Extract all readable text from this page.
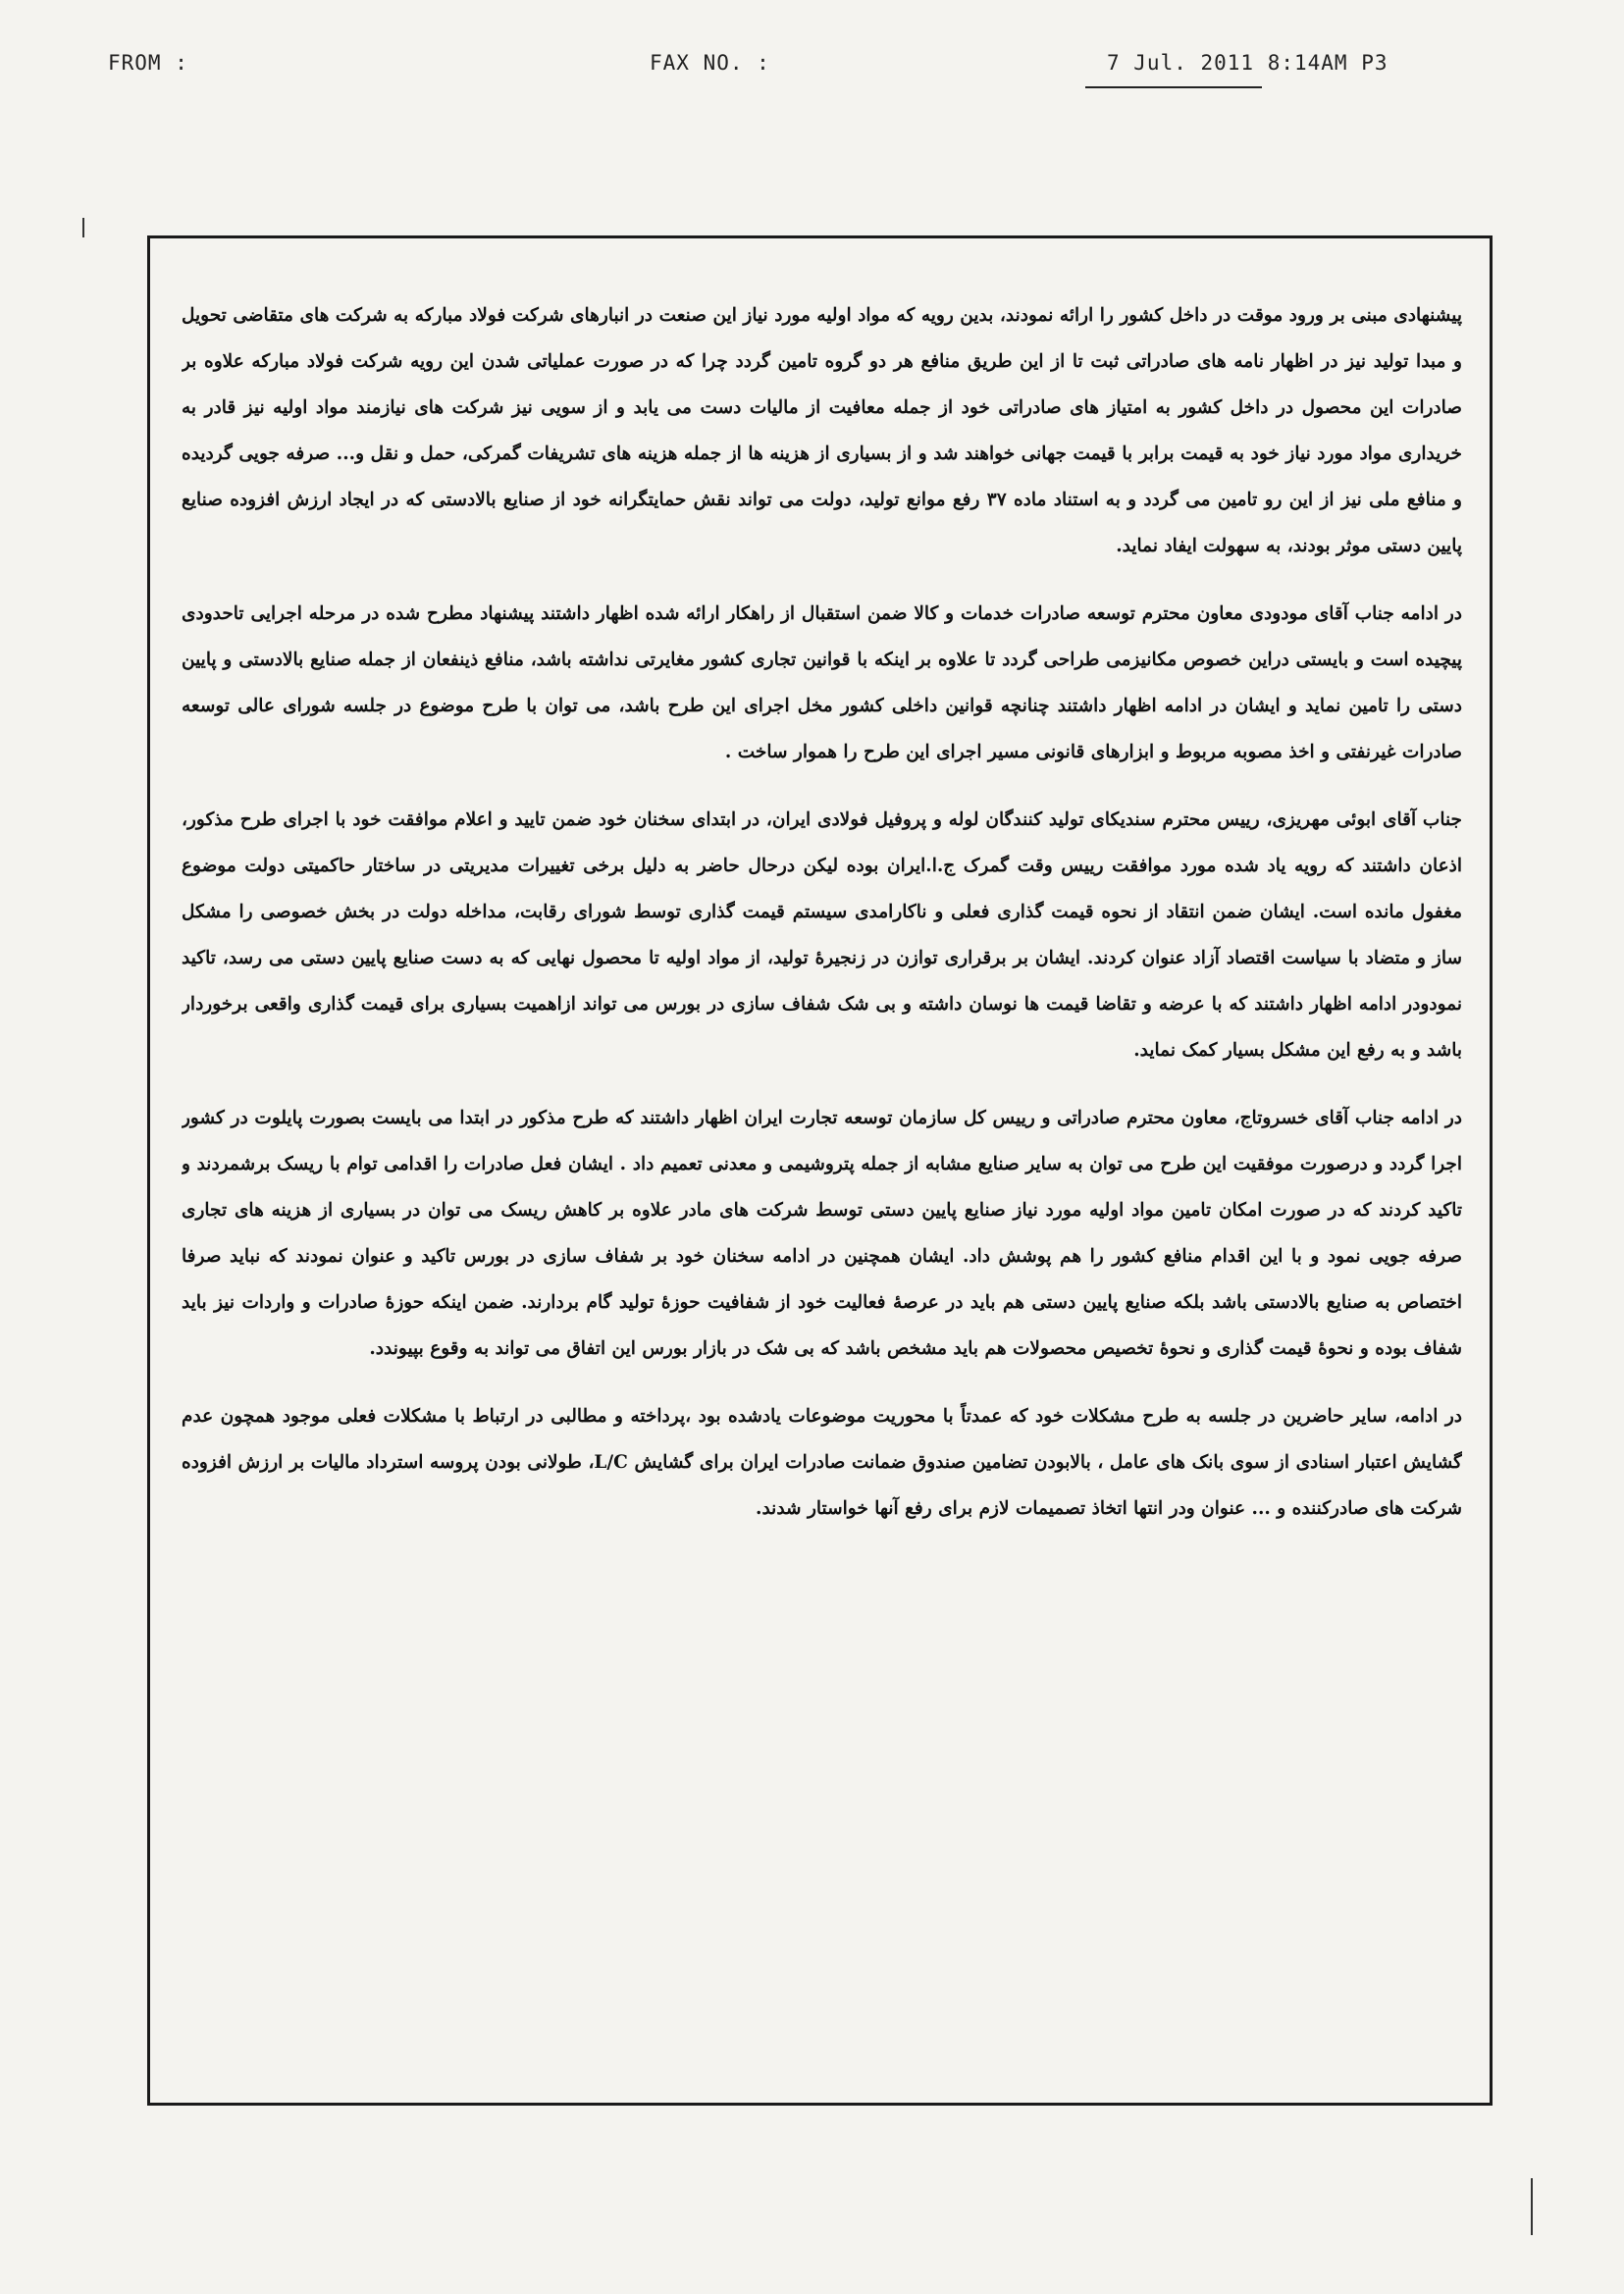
FROM :	FAX NO. :	7 Jul. 2011 8:14AM P3

پیشنهادی مبنی بر ورود موقت در داخل کشور را ارائه نمودند، بدین رویه که مواد اولیه مورد نیاز این صنعت در انبارهای شرکت فولاد مبارکه به شرکت های متقاضی تحویل و مبدا تولید نیز در اظهار نامه های صادراتی ثبت تا از این طریق منافع هر دو گروه تامین گردد چرا که در صورت عملیاتی شدن این رویه شرکت فولاد مبارکه علاوه بر صادرات این محصول در داخل کشور به امتیاز های صادراتی خود از جمله معافیت از مالیات دست می یابد و از سویی نیز شرکت های نیازمند مواد اولیه نیز قادر به خریداری مواد مورد نیاز خود به قیمت برابر با قیمت جهانی خواهند شد و از بسیاری از هزینه ها از جمله هزینه های تشریفات گمرکی، حمل و نقل و... صرفه جویی گردیده و منافع ملی نیز از این رو تامین می گردد و به استناد ماده ۳۷ رفع موانع تولید، دولت می تواند نقش حمایتگرانه خود از صنایع بالادستی که در ایجاد ارزش افزوده صنایع پایین دستی موثر بودند، به سهولت ایفاد نماید.

در ادامه جناب آقای مودودی معاون محترم توسعه صادرات خدمات و کالا ضمن استقبال از راهکار ارائه شده اظهار داشتند پیشنهاد مطرح شده در مرحله اجرایی تاحدودی پیچیده است و بایستی دراین خصوص مکانیزمی طراحی گردد تا علاوه بر اینکه با قوانین تجاری کشور مغایرتی نداشته باشد، منافع ذینفعان از جمله صنایع بالادستی و پایین دستی را تامین نماید و ایشان در ادامه اظهار داشتند چنانچه قوانین داخلی کشور مخل اجرای این طرح باشد، می توان با طرح موضوع در جلسه شورای عالی توسعه صادرات غیرنفتی و اخذ مصوبه مربوط و ابزارهای قانونی مسیر اجرای این طرح را هموار ساخت .

جناب آقای ابوئی مهریزی، رییس محترم سندیکای تولید کنندگان لوله و پروفیل فولادی ایران، در ابتدای سخنان خود ضمن تایید و اعلام موافقت خود با اجرای طرح مذکور، اذعان داشتند که رویه یاد شده مورد موافقت رییس وقت گمرک ج.ا.ایران بوده لیکن درحال حاضر به دلیل برخی تغییرات مدیریتی در ساختار حاکمیتی دولت موضوع مغفول مانده است. ایشان ضمن انتقاد از نحوه قیمت گذاری فعلی و ناکارامدی سیستم قیمت گذاری توسط شورای رقابت، مداخله دولت در بخش خصوصی را مشکل ساز و متضاد با سیاست اقتصاد آزاد عنوان کردند. ایشان بر برقراری توازن در زنجیرهٔ تولید، از مواد اولیه تا محصول نهایی که به دست صنایع پایین دستی می رسد، تاکید نمودودر ادامه اظهار داشتند که با عرضه و تقاضا قیمت ها نوسان داشته و بی شک شفاف سازی در بورس می تواند ازاهمیت بسیاری برای قیمت گذاری واقعی برخوردار باشد و به رفع این مشکل بسیار کمک نماید.

در ادامه جناب آقای خسروتاج، معاون محترم صادراتی و رییس کل سازمان توسعه تجارت ایران اظهار داشتند که طرح مذکور در ابتدا می بایست بصورت پایلوت در کشور اجرا گردد و درصورت موفقیت این طرح می توان به سایر صنایع مشابه از جمله پتروشیمی و معدنی تعمیم داد . ایشان فعل صادرات را اقدامی توام با ریسک برشمردند و تاکید کردند که در صورت امکان تامین مواد اولیه مورد نیاز صنایع پایین دستی توسط شرکت های مادر علاوه بر کاهش ریسک می توان در بسیاری از هزینه های تجاری صرفه جویی نمود و با این اقدام منافع کشور را هم پوشش داد. ایشان همچنین در ادامه سخنان خود بر شفاف سازی در بورس تاکید و عنوان نمودند که نباید صرفا اختصاص به صنایع بالادستی باشد بلکه صنایع پایین دستی هم باید در عرصهٔ فعالیت خود از شفافیت حوزهٔ تولید گام بردارند. ضمن اینکه حوزهٔ صادرات و واردات نیز باید شفاف بوده و نحوهٔ قیمت گذاری و نحوهٔ تخصیص محصولات هم باید مشخص باشد که بی شک در بازار بورس این اتفاق می تواند به وقوع بپیوندد.

در ادامه، سایر حاضرین در جلسه به طرح مشکلات خود که عمدتاً با محوریت موضوعات یادشده بود ،پرداخته و مطالبی در ارتباط با مشکلات فعلی موجود همچون عدم گشایش اعتبار اسنادی از سوی بانک های عامل ، بالابودن تضامین صندوق ضمانت صادرات ایران برای گشایش L/C، طولانی بودن پروسه استرداد مالیات بر ارزش افزوده شرکت های صادرکننده و ... عنوان ودر انتها اتخاذ تصمیمات لازم برای رفع آنها خواستار شدند.
